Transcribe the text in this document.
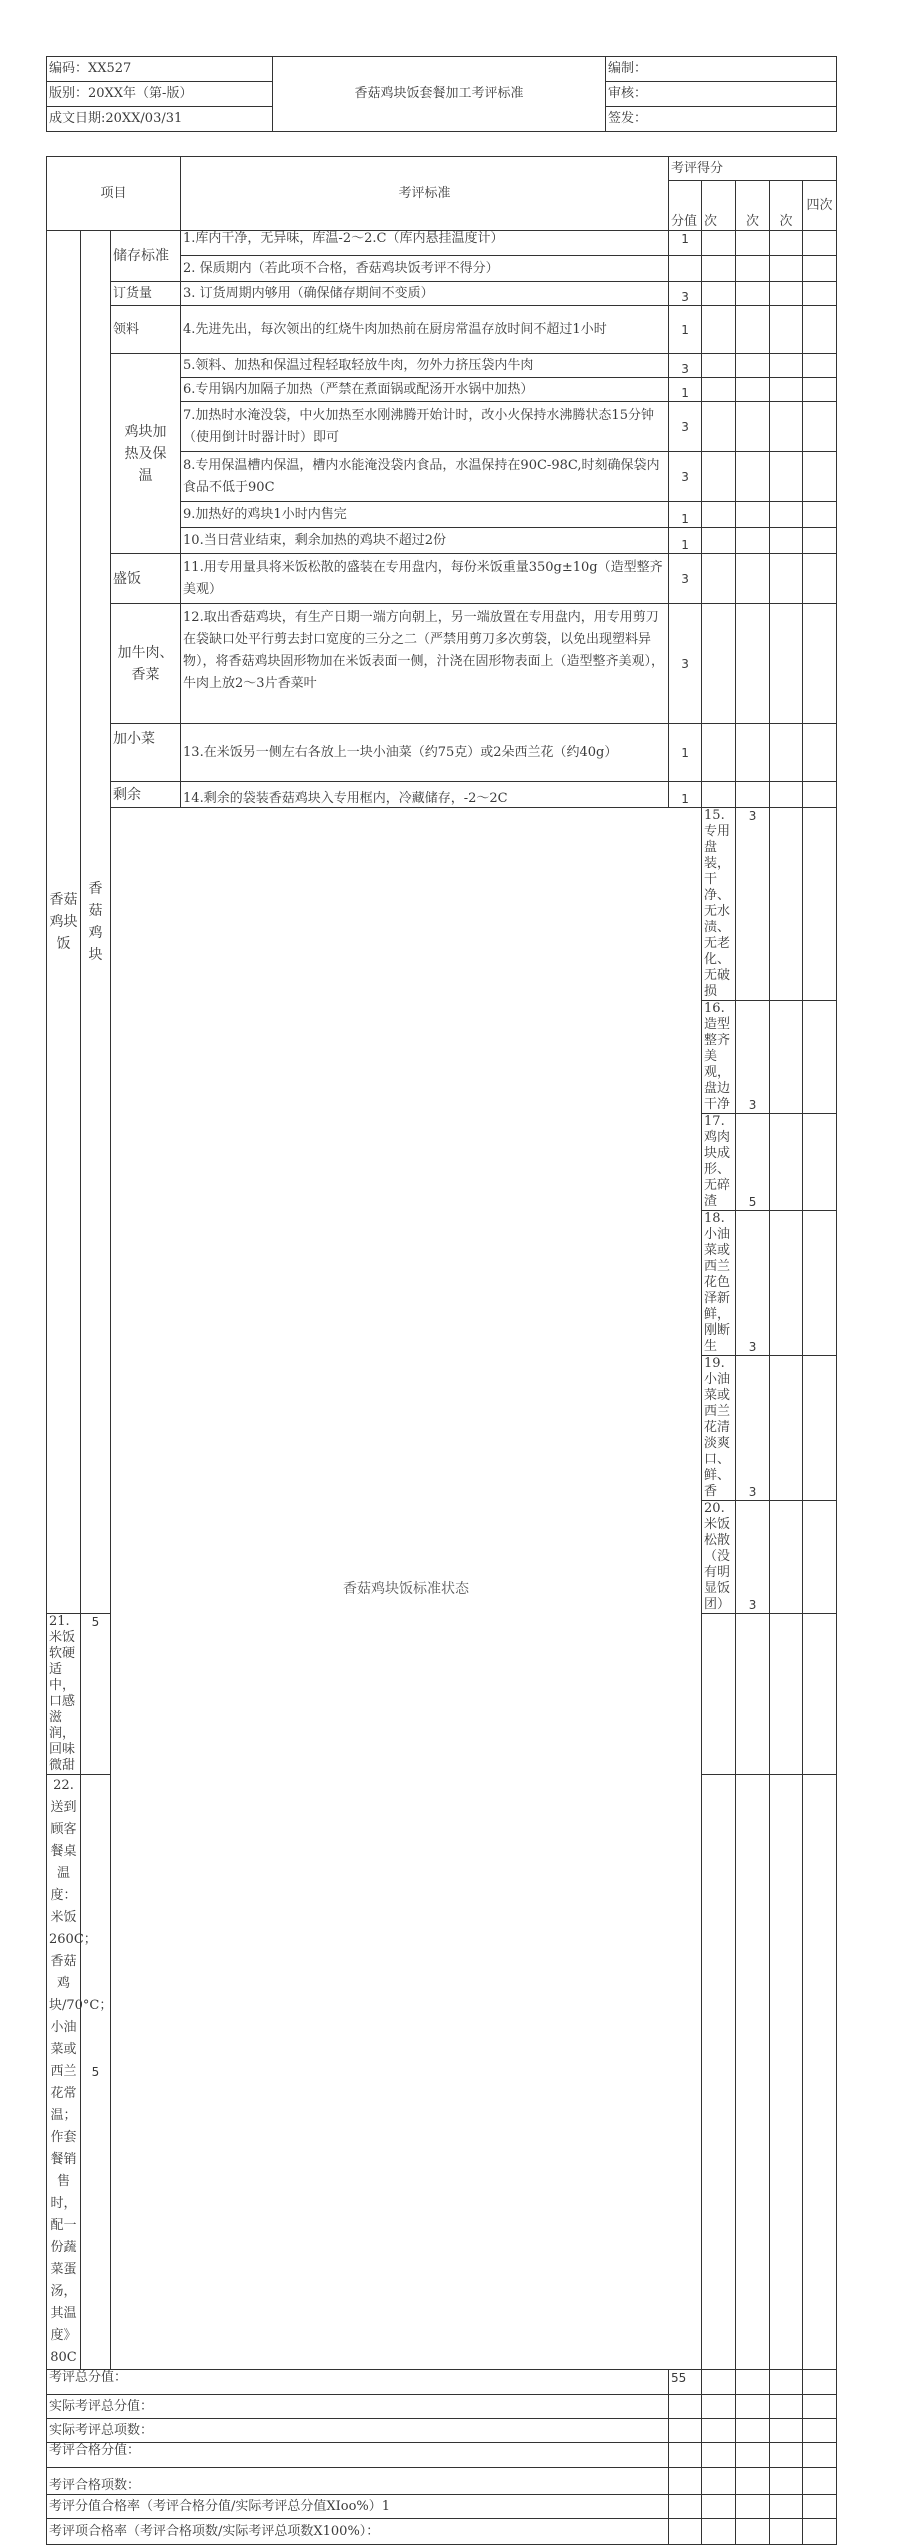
编码：XX527	香菇鸡块饭套餐加工考评标准	编制：
版别：20XX年（第-版）		审核：
成文日期:20XX/03/31		签发：
项目			考评标准	考评得分					
				分值	次	次	次	四次	
香菇鸡块饭	香菇鸡块	储存标准	1.库内干净，无异味，库温-2～2.C（库内悬挂温度计）	1					
			2. 保质期内（若此项不合格，香菇鸡块饭考评不得分）						
		订货量	3. 订货周期内够用（确保储存期间不变质）	3					
		领料	4.先进先出，每次领出的红烧牛肉加热前在厨房常温存放时间不超过1小时	1					
		鸡块加热及保温	5.领料、加热和保温过程轻取轻放牛肉，勿外力挤压袋内牛肉	3					
			6.专用锅内加隔子加热（严禁在煮面锅或配汤开水锅中加热）	1					
			7.加热时水淹没袋，中火加热至水刚沸腾开始计时，改小火保持水沸腾状态15分钟（使用倒计时器计时）即可	3					
			8.专用保温槽内保温，槽内水能淹没袋内食品，水温保持在90C-98C,时刻确保袋内食品不低于90C	3					
			9.加热好的鸡块1小时内售完	1					
			10.当日营业结束，剩余加热的鸡块不超过2份	1					
		盛饭	11.用专用量具将米饭松散的盛装在专用盘内，每份米饭重量350g±10g（造型整齐美观）	3					
		加牛肉、香菜	12.取出香菇鸡块，有生产日期一端方向朝上，另一端放置在专用盘内，用专用剪刀在袋缺口处平行剪去封口宽度的三分之二（严禁用剪刀多次剪袋，以免出现塑料异物），将香菇鸡块固形物加在米饭表面一侧，汁浇在固形物表面上（造型整齐美观），牛肉上放2～3片香菜叶	3					
		加小菜	13.在米饭另一侧左右各放上一块小油菜（约75克）或2朵西兰花（约40g）	1					
		剩余	14.剩余的袋装香菇鸡块入专用框内，冷藏储存，-2～2C	1					
		香菇鸡块饭标准状态			15.专用盘装，干净、无水渍、无老化、无破损	3				
					16.造型整齐美观，盘边干净	3				
					17.鸡肉块成形、无碎渣	5				
					18.小油菜或西兰花色泽新鲜，刚断生	3				
					19.小油菜或西兰花清淡爽口、鲜、香	3				
					20.米饭松散（没有明显饭团）	3				
21.米饭软硬适中，口感滋润，回味微甜	5								
22.送到顾客餐桌温度：米饭260C；香菇鸡块/70°C；小油菜或西兰花常温；作套餐销售时，配一份蔬菜蛋汤，其温度》80C	5								
考评总分值：				55					
实际考评总分值：									
实际考评总项数：									
考评合格分值：									
考评合格项数：									
考评分值合格率（考评合格分值/实际考评总分值XIoo%）1									
考评项合格率（考评合格项数/实际考评总项数X100%）：									
